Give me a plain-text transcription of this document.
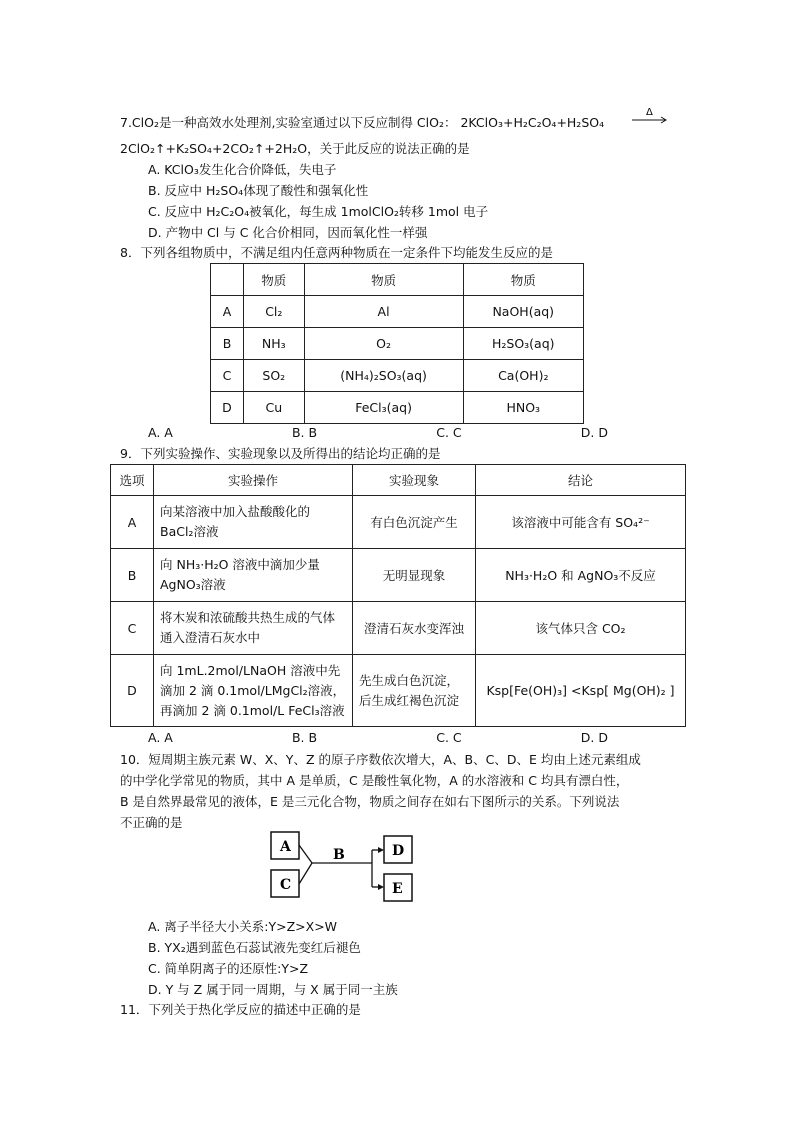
7.ClO₂是一种高效水处理剂,实验室通过以下反应制得 ClO₂： 2KClO₃+H₂C₂O₄+H₂SO₄
Δ
2ClO₂↑+K₂SO₄+2CO₂↑+2H₂O，关于此反应的说法正确的是
A. KClO₃发生化合价降低，失电子
B. 反应中 H₂SO₄体现了酸性和强氧化性
C. 反应中 H₂C₂O₄被氧化，每生成 1molClO₂转移 1mol 电子
D. 产物中 Cl 与 C 化合价相同，因而氧化性一样强
8．下列各组物质中，不满足组内任意两种物质在一定条件下均能发生反应的是
	物质	物质	物质
A	Cl₂	Al	NaOH(aq)
B	NH₃	O₂	H₂SO₃(aq)
C	SO₂	(NH₄)₂SO₃(aq)	Ca(OH)₂
D	Cu	FeCl₃(aq)	HNO₃
A. A	B. B	C. C	D. D
9．下列实验操作、实验现象以及所得出的结论均正确的是
选项	实验操作	实验现象	结论
A	向某溶液中加入盐酸酸化的 BaCl₂溶液	有白色沉淀产生	该溶液中可能含有 SO₄²⁻
B	向 NH₃·H₂O 溶液中滴加少量 AgNO₃溶液	无明显现象	NH₃·H₂O 和 AgNO₃不反应
C	将木炭和浓硫酸共热生成的气体通入澄清石灰水中	澄清石灰水变浑浊	该气体只含 CO₂
D	向 1mL.2mol/LNaOH 溶液中先滴加 2 滴 0.1mol/LMgCl₂溶液，再滴加 2 滴 0.1mol/L FeCl₃溶液	先生成白色沉淀，后生成红褐色沉淀	Ksp[Fe(OH)₃] <Ksp[ Mg(OH)₂ ]
A. A	B. B	C. C	D. D
10．短周期主族元素 W、X、Y、Z 的原子序数依次增大，A、B、C、D、E 均由上述元素组成
的中学化学常见的物质，其中 A 是单质，C 是酸性氧化物，A 的水溶液和 C 均具有漂白性，
B 是自然界最常见的液体，E 是三元化合物，物质之间存在如右下图所示的关系。下列说法
不正确的是
A
C
B	D
E
A. 离子半径大小关系:Y>Z>X>W
B. YX₂遇到蓝色石蕊试液先变红后褪色
C. 简单阴离子的还原性:Y>Z
D. Y 与 Z 属于同一周期，与 X 属于同一主族
11．下列关于热化学反应的描述中正确的是
